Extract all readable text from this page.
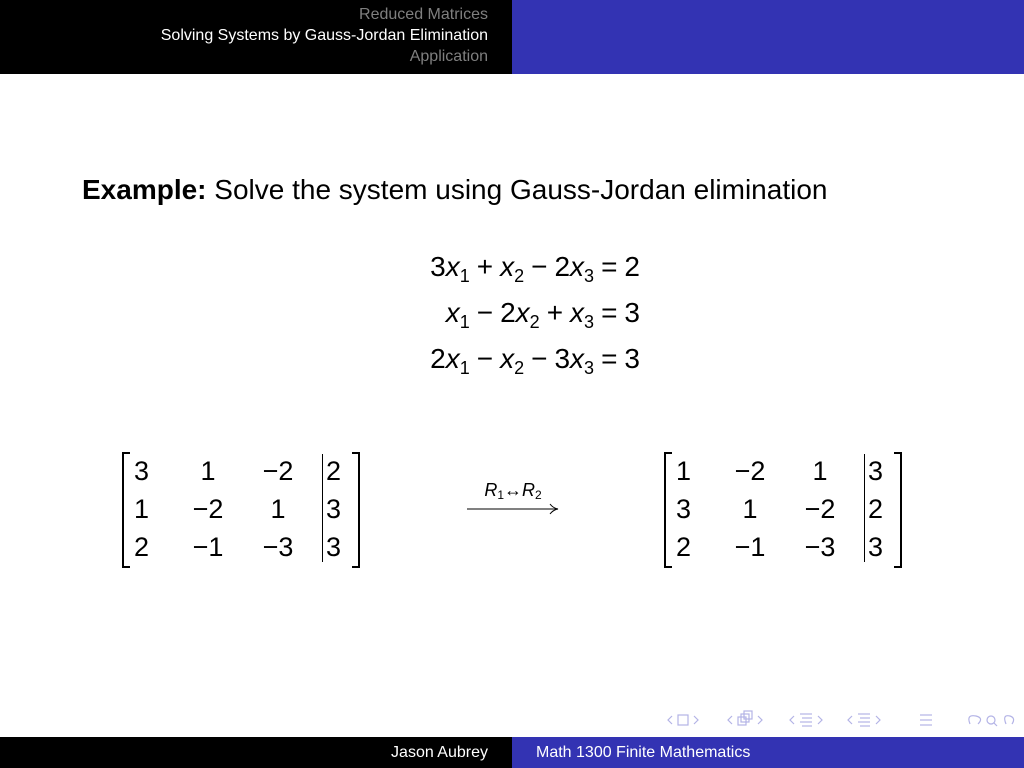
Reduced Matrices
Solving Systems by Gauss-Jordan Elimination
Application
Example: Solve the system using Gauss-Jordan elimination
$3x_1 + x_2 - 2x_3 = 2$
$x_1 - 2x_2 + x_3 = 3$
$2x_1 - x_2 - 3x_3 = 3$
3	1	−2	2
1	−2	1	3
2	−1	−3	3
$R_1\leftrightarrow R_2$
1	−2	1	3
3	1	−2	2
2	−1	−3	3
Jason Aubrey	Math 1300 Finite Mathematics
